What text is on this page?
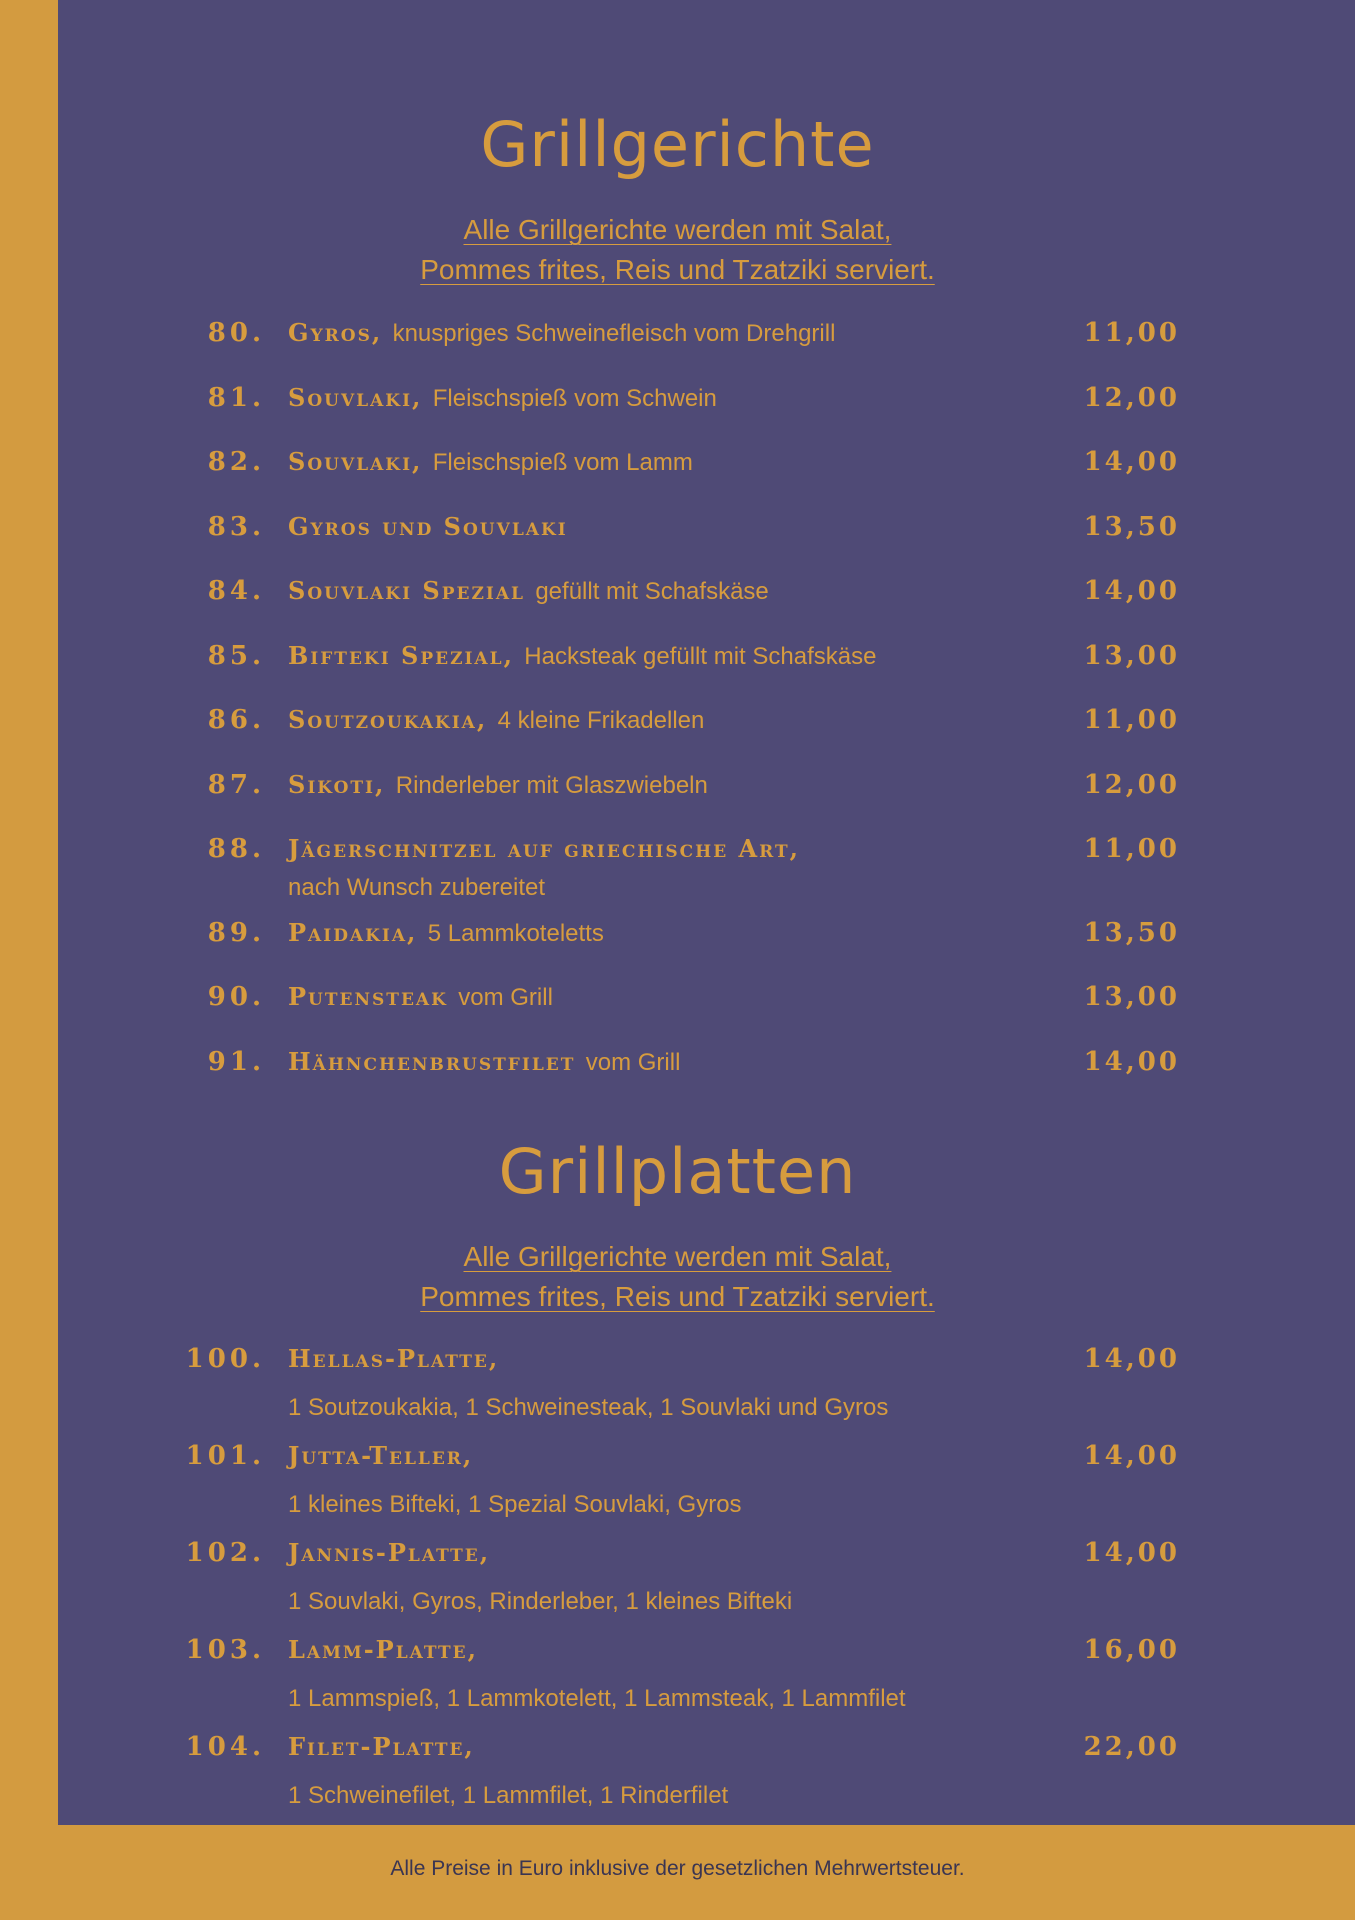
Grillgerichte
Alle Grillgerichte werden mit Salat,
Pommes frites, Reis und Tzatziki serviert.
80. Gyros, knuspriges Schweinefleisch vom Drehgrill	11,00
81. Souvlaki, Fleischspieß vom Schwein	12,00
82. Souvlaki, Fleischspieß vom Lamm	14,00
83. Gyros und Souvlaki	13,50
84. Souvlaki Spezial gefüllt mit Schafskäse	14,00
85. Bifteki Spezial, Hacksteak gefüllt mit Schafskäse	13,00
86. Soutzoukakia, 4 kleine Frikadellen	11,00
87. Sikoti, Rinderleber mit Glaszwiebeln	12,00
88. Jägerschnitzel auf griechische Art,	11,00
nach Wunsch zubereitet
89. Paidakia, 5 Lammkoteletts	13,50
90. Putensteak vom Grill	13,00
91. Hähnchenbrustfilet vom Grill	14,00
Grillplatten
Alle Grillgerichte werden mit Salat,
Pommes frites, Reis und Tzatziki serviert.
100. Hellas-Platte,	14,00
1 Soutzoukakia, 1 Schweinesteak, 1 Souvlaki und Gyros
101. Jutta-Teller,	14,00
1 kleines Bifteki, 1 Spezial Souvlaki, Gyros
102. Jannis-Platte,	14,00
1 Souvlaki, Gyros, Rinderleber, 1 kleines Bifteki
103. Lamm-Platte,	16,00
1 Lammspieß, 1 Lammkotelett, 1 Lammsteak, 1 Lammfilet
104. Filet-Platte,	22,00
1 Schweinefilet, 1 Lammfilet, 1 Rinderfilet
Alle Preise in Euro inklusive der gesetzlichen Mehrwertsteuer.
